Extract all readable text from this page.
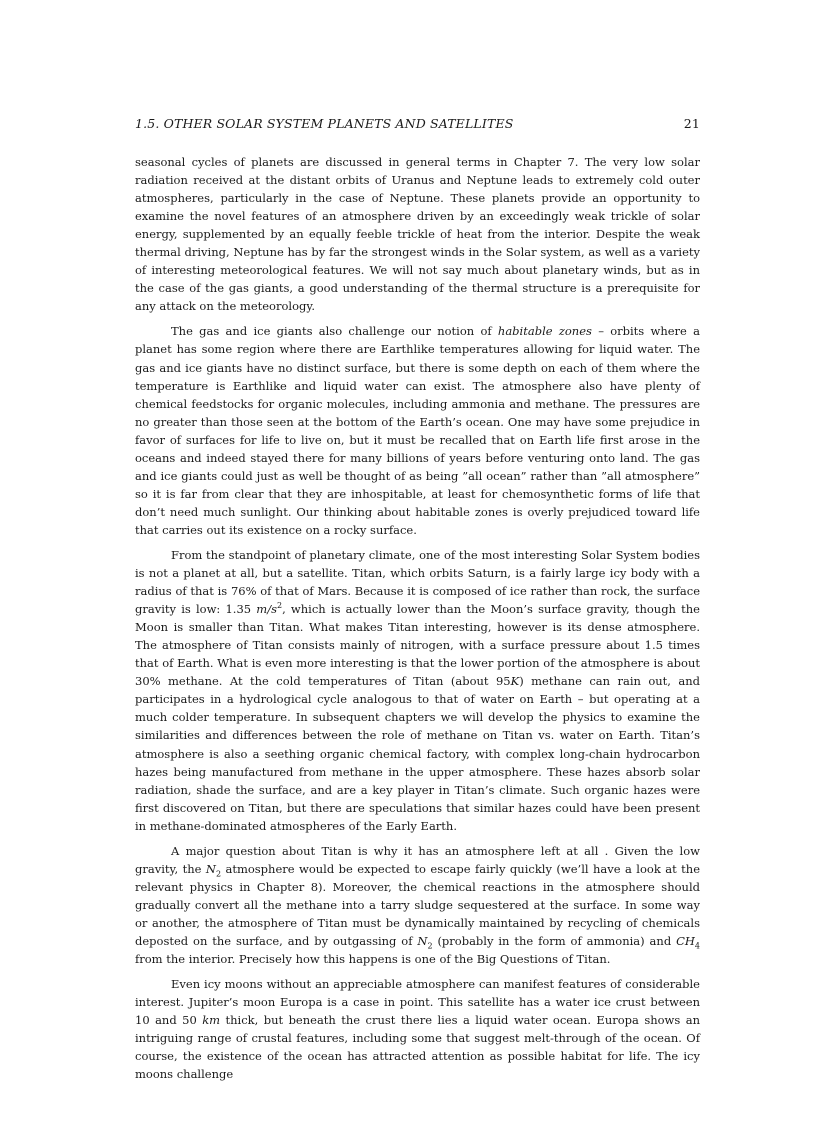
1.5. OTHER SOLAR SYSTEM PLANETS AND SATELLITES	21

seasonal cycles of planets are discussed in general terms in Chapter 7. The very low solar radiation received at the distant orbits of Uranus and Neptune leads to extremely cold outer atmospheres, particularly in the case of Neptune. These planets provide an opportunity to examine the novel features of an atmosphere driven by an exceedingly weak trickle of solar energy, supplemented by an equally feeble trickle of heat from the interior. Despite the weak thermal driving, Neptune has by far the strongest winds in the Solar system, as well as a variety of interesting meteorological features. We will not say much about planetary winds, but as in the case of the gas giants, a good understanding of the thermal structure is a prerequisite for any attack on the meteorology.

The gas and ice giants also challenge our notion of habitable zones – orbits where a planet has some region where there are Earthlike temperatures allowing for liquid water. The gas and ice giants have no distinct surface, but there is some depth on each of them where the temperature is Earthlike and liquid water can exist. The atmosphere also have plenty of chemical feedstocks for organic molecules, including ammonia and methane. The pressures are no greater than those seen at the bottom of the Earth’s ocean. One may have some prejudice in favor of surfaces for life to live on, but it must be recalled that on Earth life first arose in the oceans and indeed stayed there for many billions of years before venturing onto land. The gas and ice giants could just as well be thought of as being ”all ocean” rather than ”all atmosphere” so it is far from clear that they are inhospitable, at least for chemosynthetic forms of life that don’t need much sunlight. Our thinking about habitable zones is overly prejudiced toward life that carries out its existence on a rocky surface.

From the standpoint of planetary climate, one of the most interesting Solar System bodies is not a planet at all, but a satellite. Titan, which orbits Saturn, is a fairly large icy body with a radius of that is 76% of that of Mars. Because it is composed of ice rather than rock, the surface gravity is low: 1.35 $m/s^2$, which is actually lower than the Moon’s surface gravity, though the Moon is smaller than Titan. What makes Titan interesting, however is its dense atmosphere. The atmosphere of Titan consists mainly of nitrogen, with a surface pressure about 1.5 times that of Earth. What is even more interesting is that the lower portion of the atmosphere is about 30% methane. At the cold temperatures of Titan (about 95K) methane can rain out, and participates in a hydrological cycle analogous to that of water on Earth – but operating at a much colder temperature. In subsequent chapters we will develop the physics to examine the similarities and differences between the role of methane on Titan vs. water on Earth. Titan’s atmosphere is also a seething organic chemical factory, with complex long-chain hydrocarbon hazes being manufactured from methane in the upper atmosphere. These hazes absorb solar radiation, shade the surface, and are a key player in Titan’s climate. Such organic hazes were first discovered on Titan, but there are speculations that similar hazes could have been present in methane-dominated atmospheres of the Early Earth.

A major question about Titan is why it has an atmosphere left at all . Given the low gravity, the $N_2$ atmosphere would be expected to escape fairly quickly (we’ll have a look at the relevant physics in Chapter 8). Moreover, the chemical reactions in the atmosphere should gradually convert all the methane into a tarry sludge sequestered at the surface. In some way or another, the atmosphere of Titan must be dynamically maintained by recycling of chemicals deposted on the surface, and by outgassing of $N_2$ (probably in the form of ammonia) and $CH_4$ from the interior. Precisely how this happens is one of the Big Questions of Titan.

Even icy moons without an appreciable atmosphere can manifest features of considerable interest. Jupiter’s moon Europa is a case in point. This satellite has a water ice crust between 10 and 50 km thick, but beneath the crust there lies a liquid water ocean. Europa shows an intriguing range of crustal features, including some that suggest melt-through of the ocean. Of course, the existence of the ocean has attracted attention as possible habitat for life. The icy moons challenge
